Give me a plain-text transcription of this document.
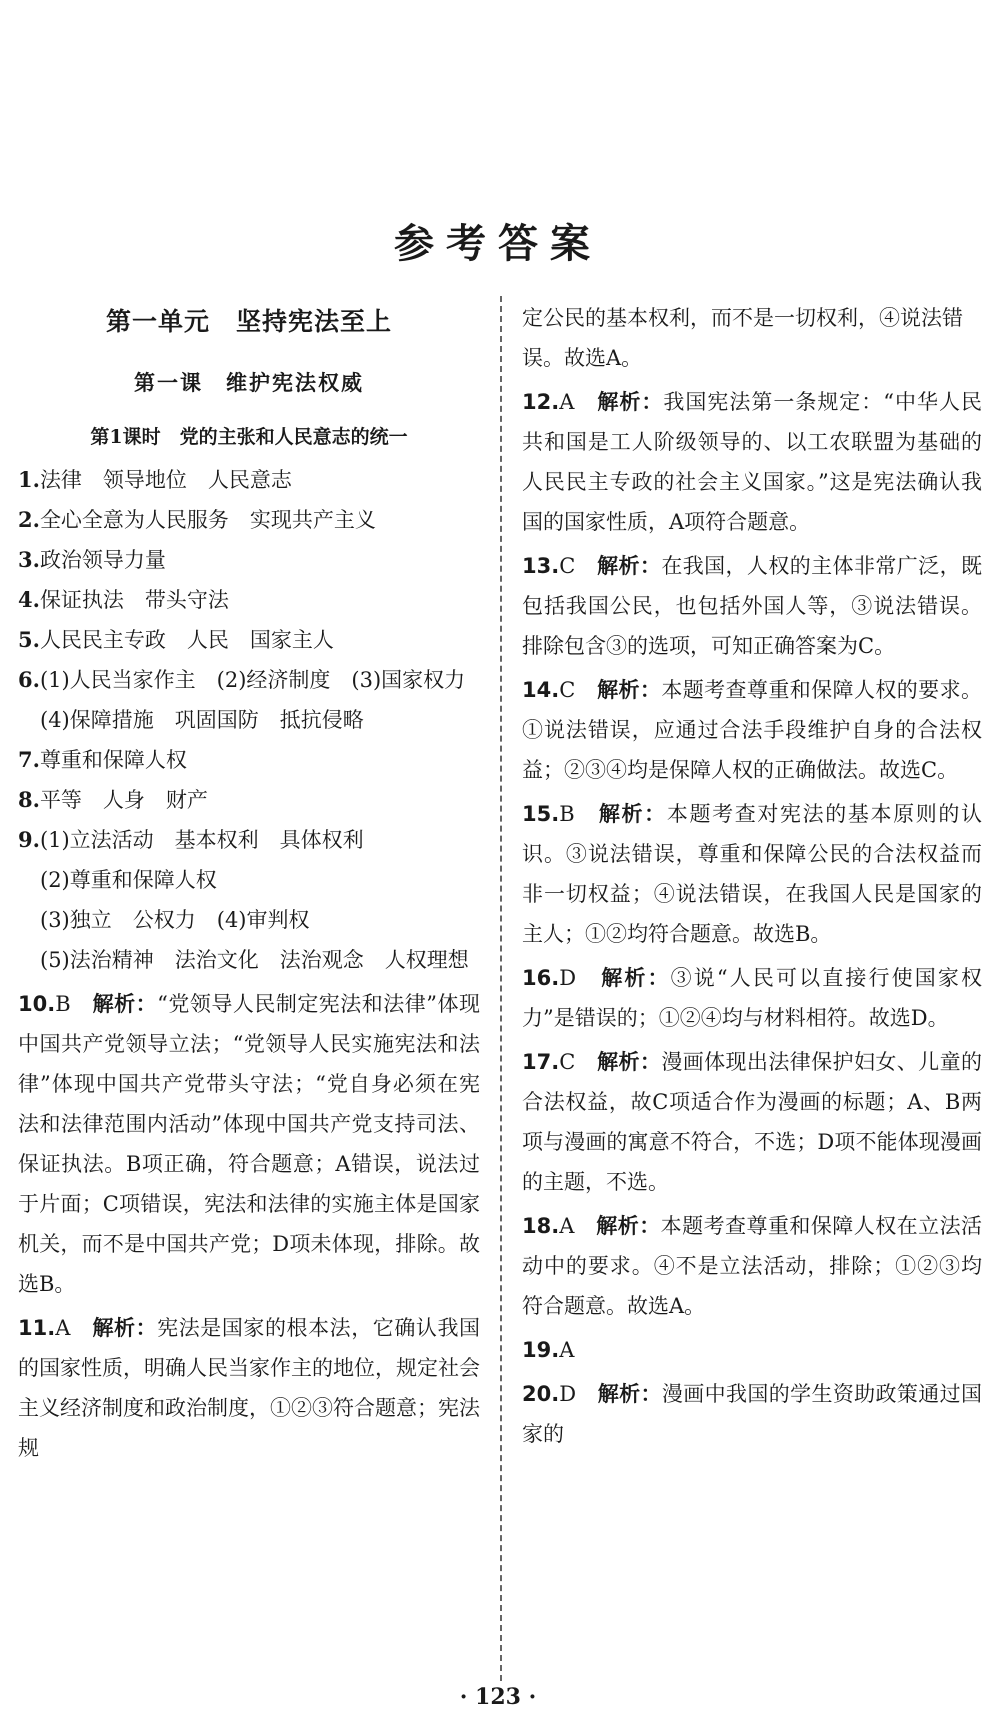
参考答案
第一单元　坚持宪法至上
第一课　维护宪法权威
第1课时　党的主张和人民意志的统一
1.法律　领导地位　人民意志
2.全心全意为人民服务　实现共产主义
3.政治领导力量
4.保证执法　带头守法
5.人民民主专政　人民　国家主人
6.(1)人民当家作主　(2)经济制度　(3)国家权力
(4)保障措施　巩固国防　抵抗侵略
7.尊重和保障人权
8.平等　人身　财产
9.(1)立法活动　基本权利　具体权利
(2)尊重和保障人权
(3)独立　公权力　(4)审判权
(5)法治精神　法治文化　法治观念　人权理想
10.B　 解析：“党领导人民制定宪法和法律”体现中国共产党领导立法；“党领导人民实施宪法和法律”体现中国共产党带头守法；“党自身必须在宪法和法律范围内活动”体现中国共产党支持司法、保证执法。B项正确，符合题意；A错误，说法过于片面；C项错误，宪法和法律的实施主体是国家机关，而不是中国共产党；D项未体现，排除。故选B。
11.A　 解析：宪法是国家的根本法，它确认我国的国家性质，明确人民当家作主的地位，规定社会主义经济制度和政治制度，①②③符合题意；宪法规
定公民的基本权利，而不是一切权利，④说法错误。故选A。
12.A　 解析：我国宪法第一条规定：“中华人民共和国是工人阶级领导的、以工农联盟为基础的人民民主专政的社会主义国家。”这是宪法确认我国的国家性质，A项符合题意。
13.C　 解析：在我国，人权的主体非常广泛，既包括我国公民，也包括外国人等，③说法错误。排除包含③的选项，可知正确答案为C。
14.C　 解析：本题考查尊重和保障人权的要求。①说法错误，应通过合法手段维护自身的合法权益；②③④均是保障人权的正确做法。故选C。
15.B　 解析：本题考查对宪法的基本原则的认识。③说法错误，尊重和保障公民的合法权益而非一切权益；④说法错误，在我国人民是国家的主人；①②均符合题意。故选B。
16.D　 解析：③说“人民可以直接行使国家权力”是错误的；①②④均与材料相符。故选D。
17.C　 解析：漫画体现出法律保护妇女、儿童的合法权益，故C项适合作为漫画的标题；A、B两项与漫画的寓意不符合，不选；D项不能体现漫画的主题，不选。
18.A　 解析：本题考查尊重和保障人权在立法活动中的要求。④不是立法活动，排除；①②③均符合题意。故选A。
19.A
20.D　 解析：漫画中我国的学生资助政策通过国家的
· 123 ·
